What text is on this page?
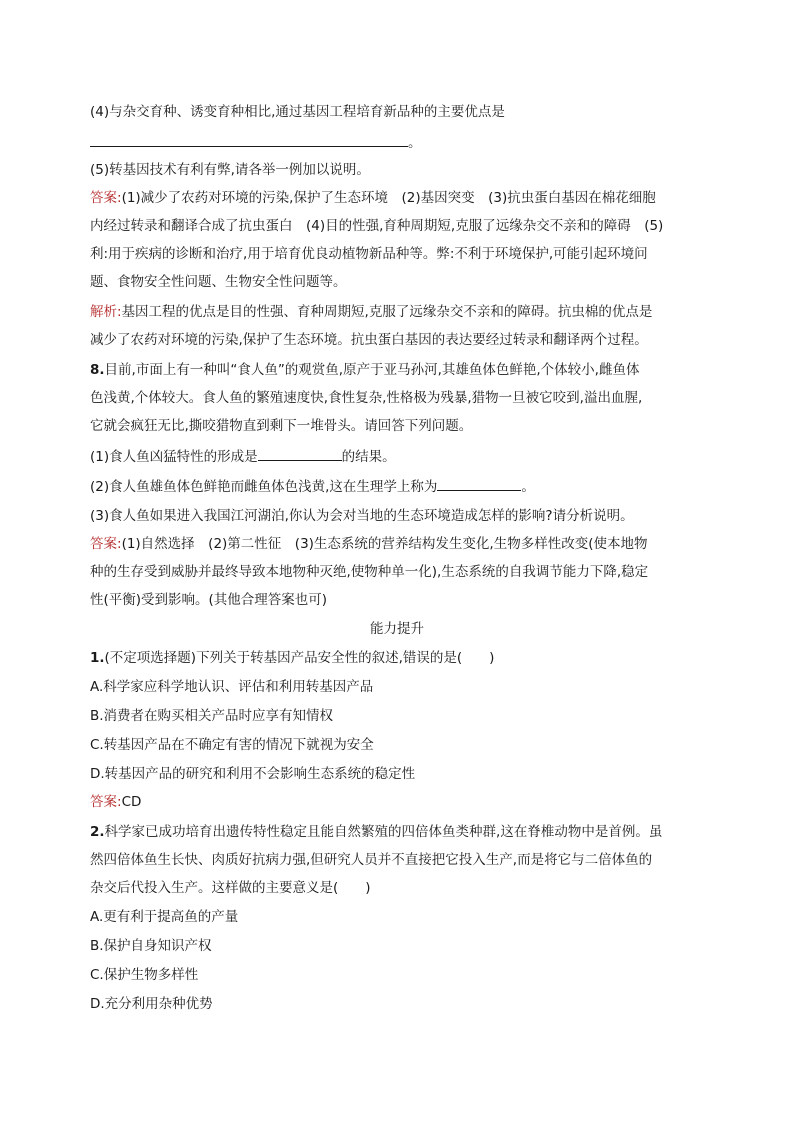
(4)与杂交育种、诱变育种相比,通过基因工程培育新品种的主要优点是
。
(5)转基因技术有利有弊,请各举一例加以说明。
答案:(1)减少了农药对环境的污染,保护了生态环境　(2)基因突变　(3)抗虫蛋白基因在棉花细胞
内经过转录和翻译合成了抗虫蛋白　(4)目的性强,育种周期短,克服了远缘杂交不亲和的障碍　(5)
利:用于疾病的诊断和治疗,用于培育优良动植物新品种等。弊:不利于环境保护,可能引起环境问
题、食物安全性问题、生物安全性问题等。
解析:基因工程的优点是目的性强、育种周期短,克服了远缘杂交不亲和的障碍。抗虫棉的优点是
减少了农药对环境的污染,保护了生态环境。抗虫蛋白基因的表达要经过转录和翻译两个过程。
8.目前,市面上有一种叫“食人鱼”的观赏鱼,原产于亚马孙河,其雄鱼体色鲜艳,个体较小,雌鱼体
色浅黄,个体较大。食人鱼的繁殖速度快,食性复杂,性格极为残暴,猎物一旦被它咬到,溢出血腥,
它就会疯狂无比,撕咬猎物直到剩下一堆骨头。请回答下列问题。
(1)食人鱼凶猛特性的形成是	的结果。
(2)食人鱼雄鱼体色鲜艳而雌鱼体色浅黄,这在生理学上称为	。
(3)食人鱼如果进入我国江河湖泊,你认为会对当地的生态环境造成怎样的影响?请分析说明。
答案:(1)自然选择　(2)第二性征　(3)生态系统的营养结构发生变化,生物多样性改变(使本地物
种的生存受到威胁并最终导致本地物种灭绝,使物种单一化),生态系统的自我调节能力下降,稳定
性(平衡)受到影响。(其他合理答案也可)
能力提升
1.(不定项选择题)下列关于转基因产品安全性的叙述,错误的是(　　)
A.科学家应科学地认识、评估和利用转基因产品
B.消费者在购买相关产品时应享有知情权
C.转基因产品在不确定有害的情况下就视为安全
D.转基因产品的研究和利用不会影响生态系统的稳定性
答案:CD
2.科学家已成功培育出遗传特性稳定且能自然繁殖的四倍体鱼类种群,这在脊椎动物中是首例。虽
然四倍体鱼生长快、肉质好抗病力强,但研究人员并不直接把它投入生产,而是将它与二倍体鱼的
杂交后代投入生产。这样做的主要意义是(　　)
A.更有利于提高鱼的产量
B.保护自身知识产权
C.保护生物多样性
D.充分利用杂种优势
